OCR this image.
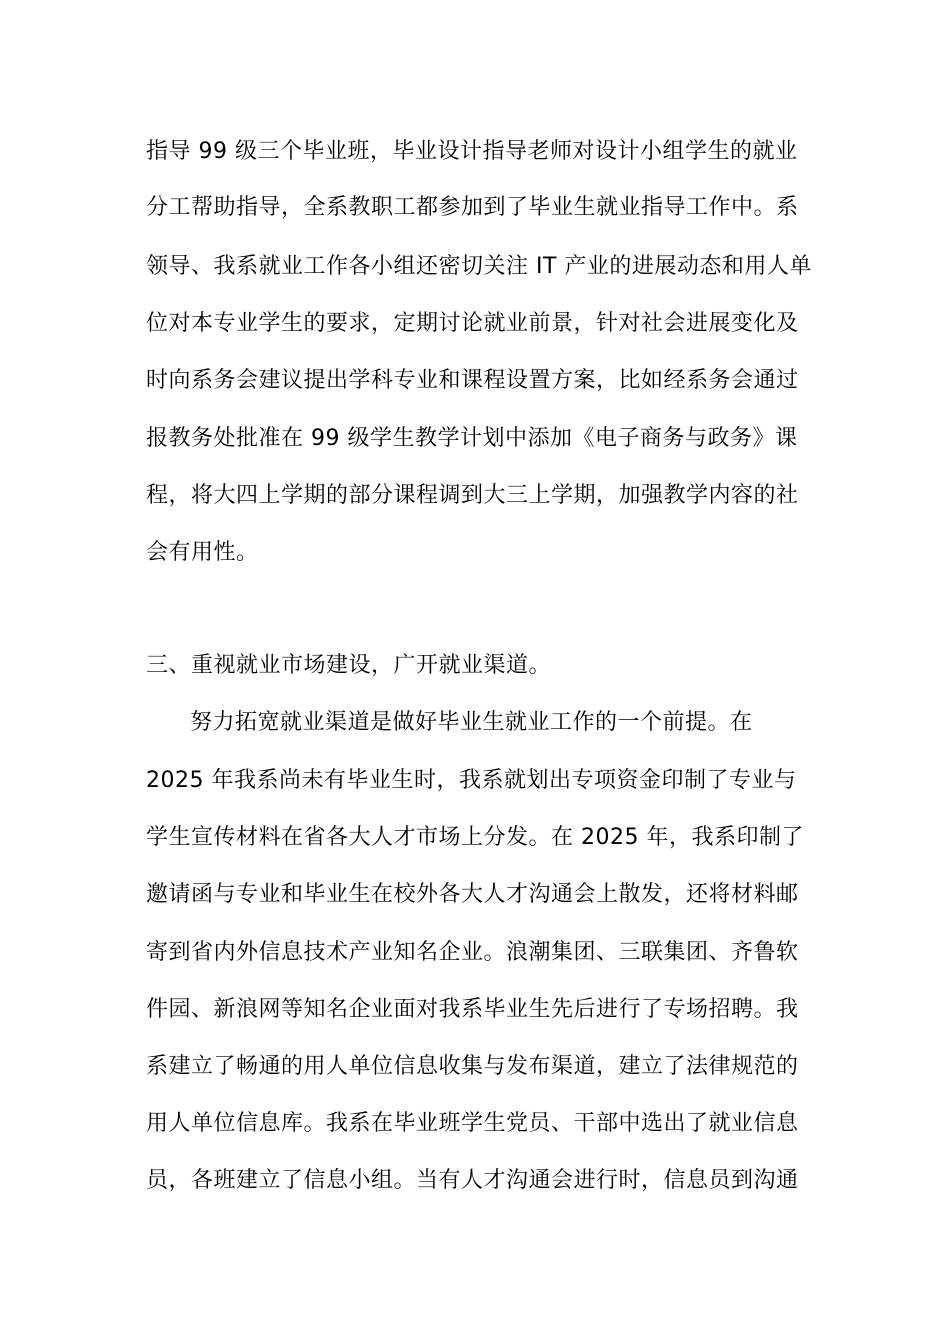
指导 99 级三个毕业班，毕业设计指导老师对设计小组学生的就业
分工帮助指导，全系教职工都参加到了毕业生就业指导工作中。系
领导、我系就业工作各小组还密切关注 IT 产业的进展动态和用人单
位对本专业学生的要求，定期讨论就业前景，针对社会进展变化及
时向系务会建议提出学科专业和课程设置方案，比如经系务会通过
报教务处批准在 99 级学生教学计划中添加《电子商务与政务》课
程，将大四上学期的部分课程调到大三上学期，加强教学内容的社
会有用性。
三、重视就业市场建设，广开就业渠道。
努力拓宽就业渠道是做好毕业生就业工作的一个前提。在
2025 年我系尚未有毕业生时，我系就划出专项资金印制了专业与
学生宣传材料在省各大人才市场上分发。在 2025 年，我系印制了
邀请函与专业和毕业生在校外各大人才沟通会上散发，还将材料邮
寄到省内外信息技术产业知名企业。浪潮集团、三联集团、齐鲁软
件园、新浪网等知名企业面对我系毕业生先后进行了专场招聘。我
系建立了畅通的用人单位信息收集与发布渠道，建立了法律规范的
用人单位信息库。我系在毕业班学生党员、干部中选出了就业信息
员，各班建立了信息小组。当有人才沟通会进行时，信息员到沟通
